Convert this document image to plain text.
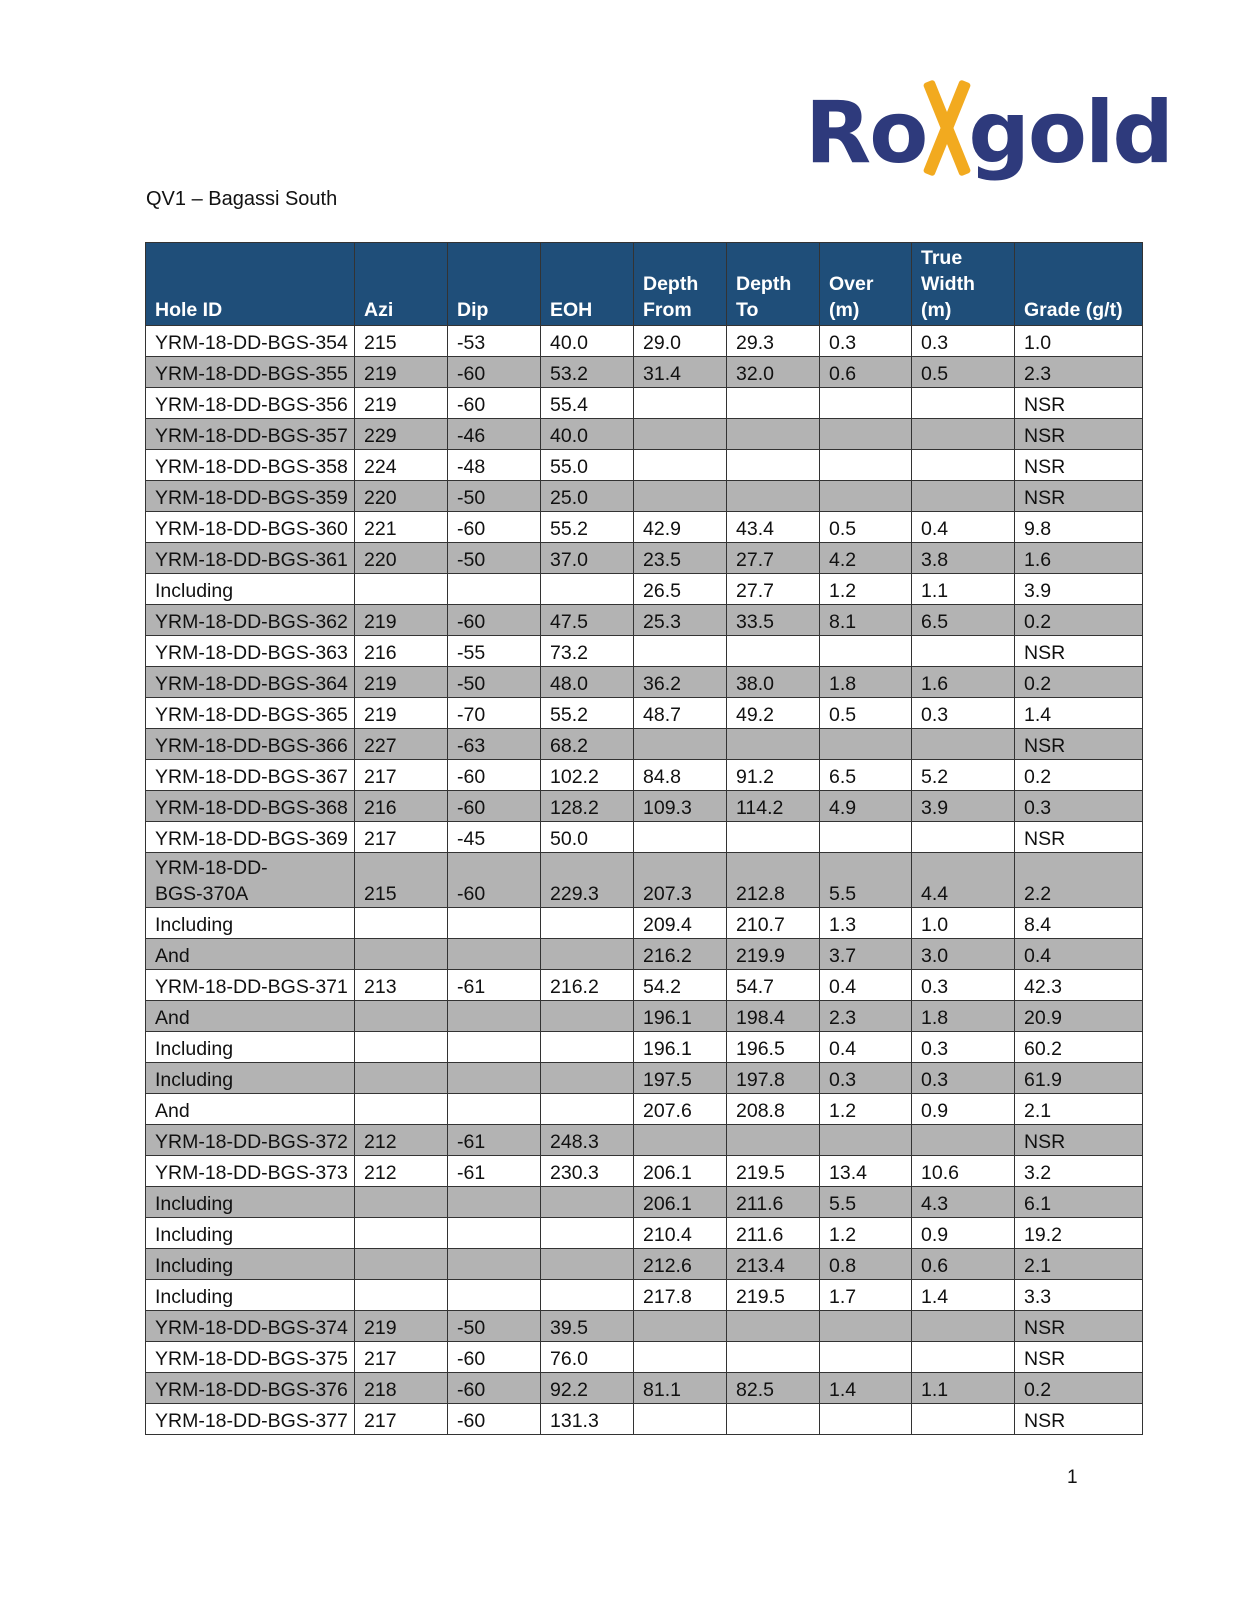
Ro gold
QV1 – Bagassi South
Hole ID	Azi	Dip	EOH	Depth From	Depth To	Over (m)	True Width (m)	Grade (g/t)
YRM-18-DD-BGS-354	215	-53	40.0	29.0	29.3	0.3	0.3	1.0
YRM-18-DD-BGS-355	219	-60	53.2	31.4	32.0	0.6	0.5	2.3
YRM-18-DD-BGS-356	219	-60	55.4					NSR
YRM-18-DD-BGS-357	229	-46	40.0					NSR
YRM-18-DD-BGS-358	224	-48	55.0					NSR
YRM-18-DD-BGS-359	220	-50	25.0					NSR
YRM-18-DD-BGS-360	221	-60	55.2	42.9	43.4	0.5	0.4	9.8
YRM-18-DD-BGS-361	220	-50	37.0	23.5	27.7	4.2	3.8	1.6
Including				26.5	27.7	1.2	1.1	3.9
YRM-18-DD-BGS-362	219	-60	47.5	25.3	33.5	8.1	6.5	0.2
YRM-18-DD-BGS-363	216	-55	73.2					NSR
YRM-18-DD-BGS-364	219	-50	48.0	36.2	38.0	1.8	1.6	0.2
YRM-18-DD-BGS-365	219	-70	55.2	48.7	49.2	0.5	0.3	1.4
YRM-18-DD-BGS-366	227	-63	68.2					NSR
YRM-18-DD-BGS-367	217	-60	102.2	84.8	91.2	6.5	5.2	0.2
YRM-18-DD-BGS-368	216	-60	128.2	109.3	114.2	4.9	3.9	0.3
YRM-18-DD-BGS-369	217	-45	50.0					NSR
YRM-18-DD-BGS-370A	215	-60	229.3	207.3	212.8	5.5	4.4	2.2
Including				209.4	210.7	1.3	1.0	8.4
And				216.2	219.9	3.7	3.0	0.4
YRM-18-DD-BGS-371	213	-61	216.2	54.2	54.7	0.4	0.3	42.3
And				196.1	198.4	2.3	1.8	20.9
Including				196.1	196.5	0.4	0.3	60.2
Including				197.5	197.8	0.3	0.3	61.9
And				207.6	208.8	1.2	0.9	2.1
YRM-18-DD-BGS-372	212	-61	248.3					NSR
YRM-18-DD-BGS-373	212	-61	230.3	206.1	219.5	13.4	10.6	3.2
Including				206.1	211.6	5.5	4.3	6.1
Including				210.4	211.6	1.2	0.9	19.2
Including				212.6	213.4	0.8	0.6	2.1
Including				217.8	219.5	1.7	1.4	3.3
YRM-18-DD-BGS-374	219	-50	39.5					NSR
YRM-18-DD-BGS-375	217	-60	76.0					NSR
YRM-18-DD-BGS-376	218	-60	92.2	81.1	82.5	1.4	1.1	0.2
YRM-18-DD-BGS-377	217	-60	131.3					NSR
1
